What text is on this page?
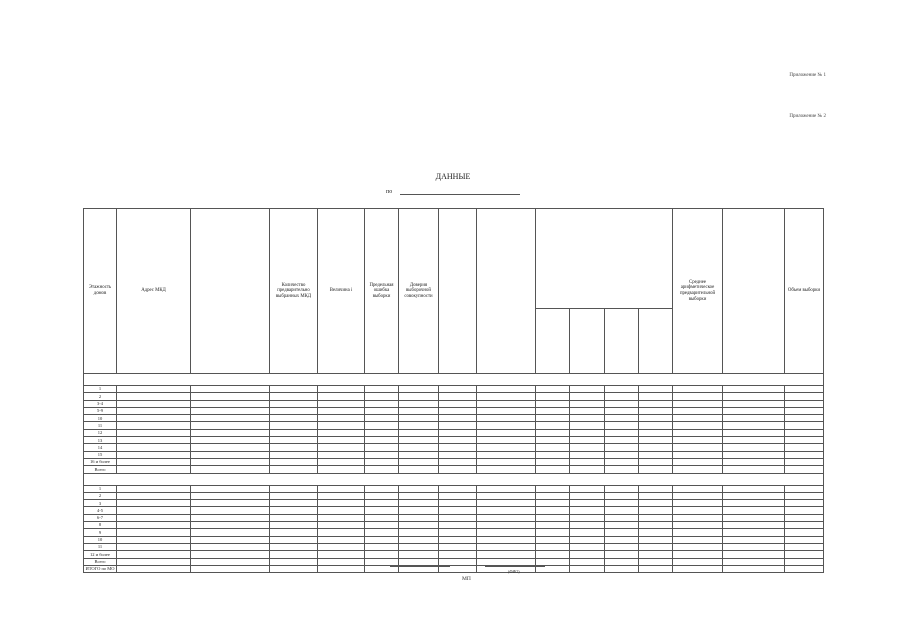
Приложение № 1
Приложение № 2
ДАННЫЕ
по
Этажность домов	Адрес МКД		Количество предварительно выбранных МКД	Величина i	Предельная ошибка выборки	Доверия выборочной совокупности							Среднее арифметическое предварительной выборки		Объем выборки

1															
2															
3-4															
5-9															
10															
11															
12															
13															
14															
15															
16 и более															
Всего															

1															
2															
3															
4-5															
6-7															
8															
9															
10															
11															
12 и более															
Всего															
ИТОГО по МО															
(ФИО)
МП
